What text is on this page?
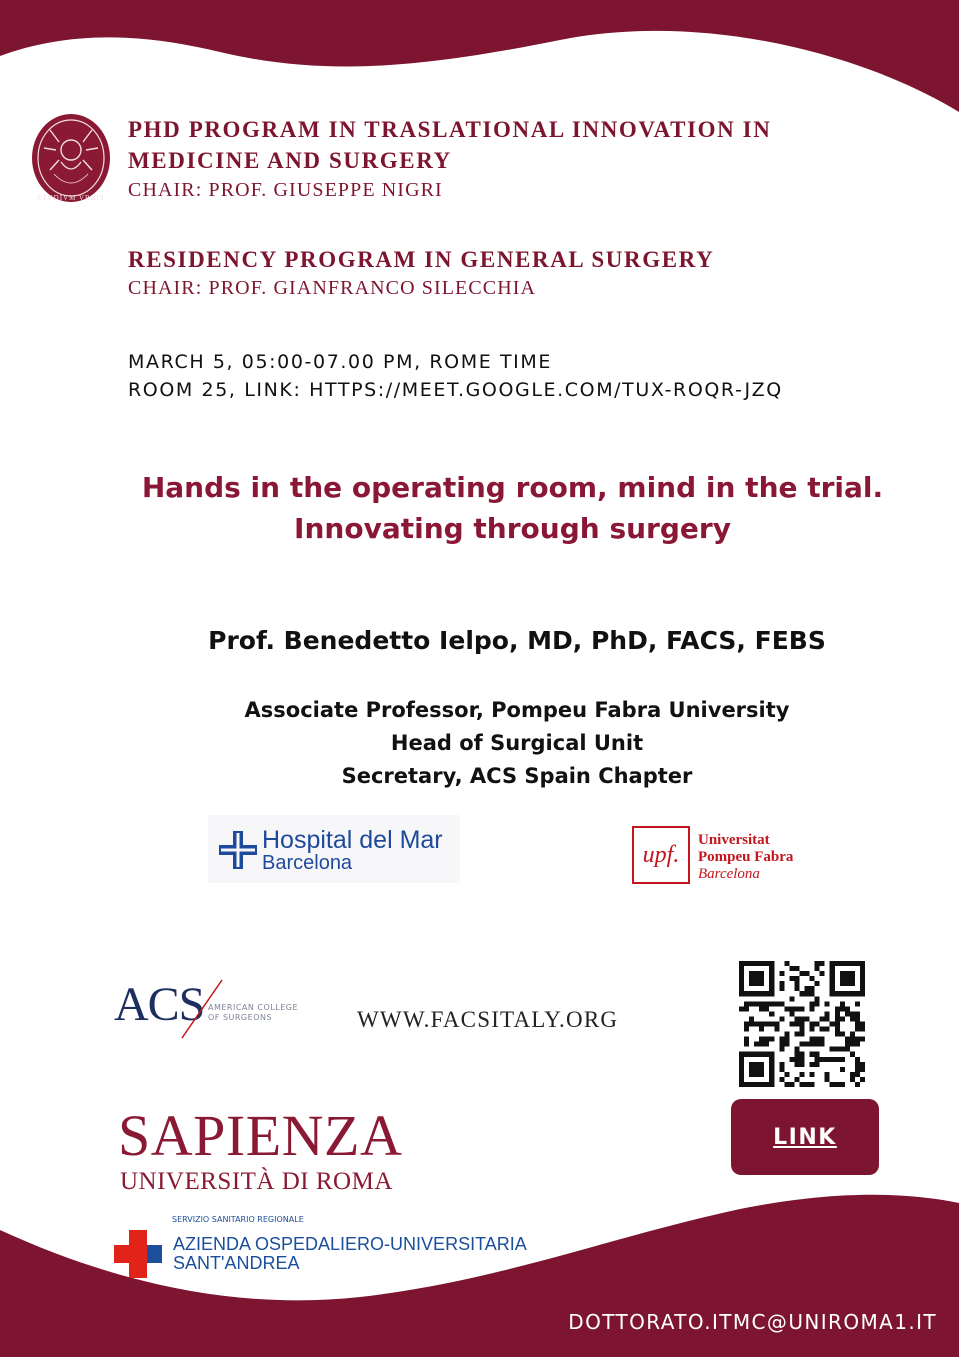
STVDIVM VRBIS
PHD PROGRAM IN TRASLATIONAL INNOVATION IN
MEDICINE AND SURGERY
CHAIR: PROF. GIUSEPPE NIGRI
RESIDENCY PROGRAM IN GENERAL SURGERY
CHAIR: PROF. GIANFRANCO SILECCHIA
MARCH 5, 05:00-07.00 PM, ROME TIME
ROOM 25, LINK: HTTPS://MEET.GOOGLE.COM/TUX-ROQR-JZQ
Hands in the operating room, mind in the trial.
Innovating through surgery
Prof. Benedetto Ielpo, MD, PhD, FACS, FEBS
Associate Professor, Pompeu Fabra University
Head of Surgical Unit
Secretary, ACS Spain Chapter
Hospital del Mar
Barcelona	upf.
Universitat
Pompeu Fabra
Barcelona
ACS AMERICAN COLLEGE
OF SURGEONS	WWW.FACSITALY.ORG
LINK
SAPIENZA
UNIVERSITÀ DI ROMA
SERVIZIO SANITARIO REGIONALE
AZIENDA OSPEDALIERO-UNIVERSITARIA
SANT'ANDREA
DOTTORATO.ITMC@UNIROMA1.IT
